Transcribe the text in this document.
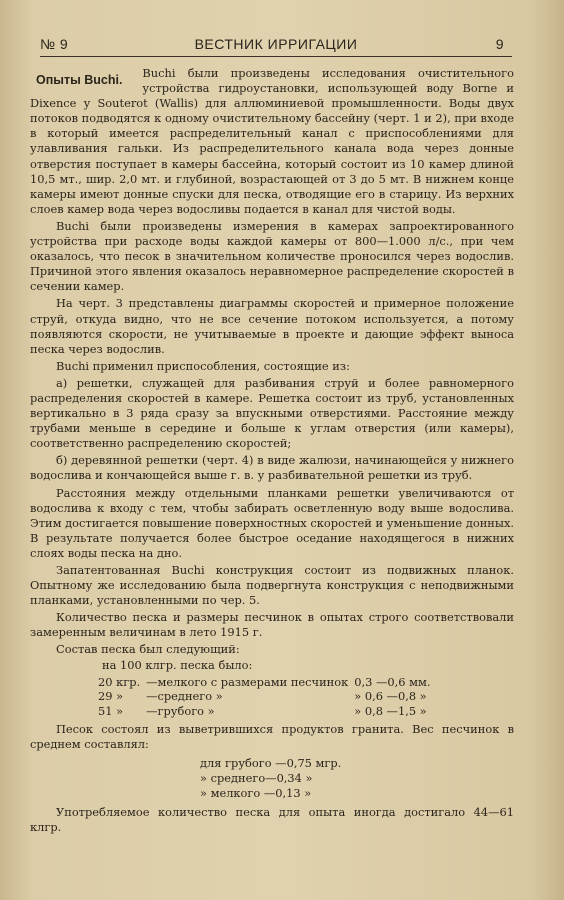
№ 9	ВЕСТНИК ИРРИГАЦИИ	9

Опыты Buchi. Buchi были произведены исследования очистительного устройства гидроустановки, использующей воду Borne и Dixence у Souterot (Wallis) для аллюминиевой промышленности. Воды двух потоков подводятся к одному очистительному бассейну (черт. 1 и 2), при входе в который имеется распределительный канал с приспособлениями для улавливания гальки. Из распределительного канала вода через донные отверстия поступает в камеры бассейна, который состоит из 10 камер длиной 10,5 мт., шир. 2,0 мт. и глубиной, возрастающей от 3 до 5 мт. В нижнем конце камеры имеют донные спуски для песка, отводящие его в старицу. Из верхних слоев камер вода через водосливы подается в канал для чистой воды.

Buchi были произведены измерения в камерах запроектированного устройства при расходе воды каждой камеры от 800—1.000 л/с., при чем оказалось, что песок в значительном количестве проносился через водослив. Причиной этого явления оказалось неравномерное распределение скоростей в сечении камер.

На черт. 3 представлены диаграммы скоростей и примерное положение струй, откуда видно, что не все сечение потоком используется, а потому появляются скорости, не учитываемые в проекте и дающие эффект выноса песка через водослив.

Buchi применил приспособления, состоящие из:

а) решетки, служащей для разбивания струй и более равномерного распределения скоростей в камере. Решетка состоит из труб, установленных вертикально в 3 ряда сразу за впускными отверстиями. Расстояние между трубами меньше в середине и больше к углам отверстия (или камеры), соответственно распределению скоростей;

б) деревянной решетки (черт. 4) в виде жалюзи, начинающейся у нижнего водослива и кончающейся выше г. в. у разбивательной решетки из труб.

Расстояния между отдельными планками решетки увеличиваются от водослива к входу с тем, чтобы забирать осветленную воду выше водослива. Этим достигается повышение поверхностных скоростей и уменьшение донных. В результате получается более быстрое оседание находящегося в нижних слоях воды песка на дно.

Запатентованная Buchi конструкция состоит из подвижных планок. Опытному же исследованию была подвергнута конструкция с неподвижными планками, установленными по чер. 5.

Количество песка и размеры песчинок в опытах строго соответствовали замеренным величинам в лето 1915 г.

Состав песка был следующий:

на 100 клгр. песка было:
20 кгр.	—мелкого с размерами песчинок	0,3 —0,6 мм.
29 »	—среднего »	» 0,6 —0,8 »
51 »	—грубого »	» 0,8 —1,5 »

Песок состоял из выветрившихся продуктов гранита. Вес песчинок в среднем составлял:

для грубого —0,75 мгр.
» среднего—0,34 »
» мелкого —0,13 »

Употребляемое количество песка для опыта иногда достигало 44—61 клгр.
